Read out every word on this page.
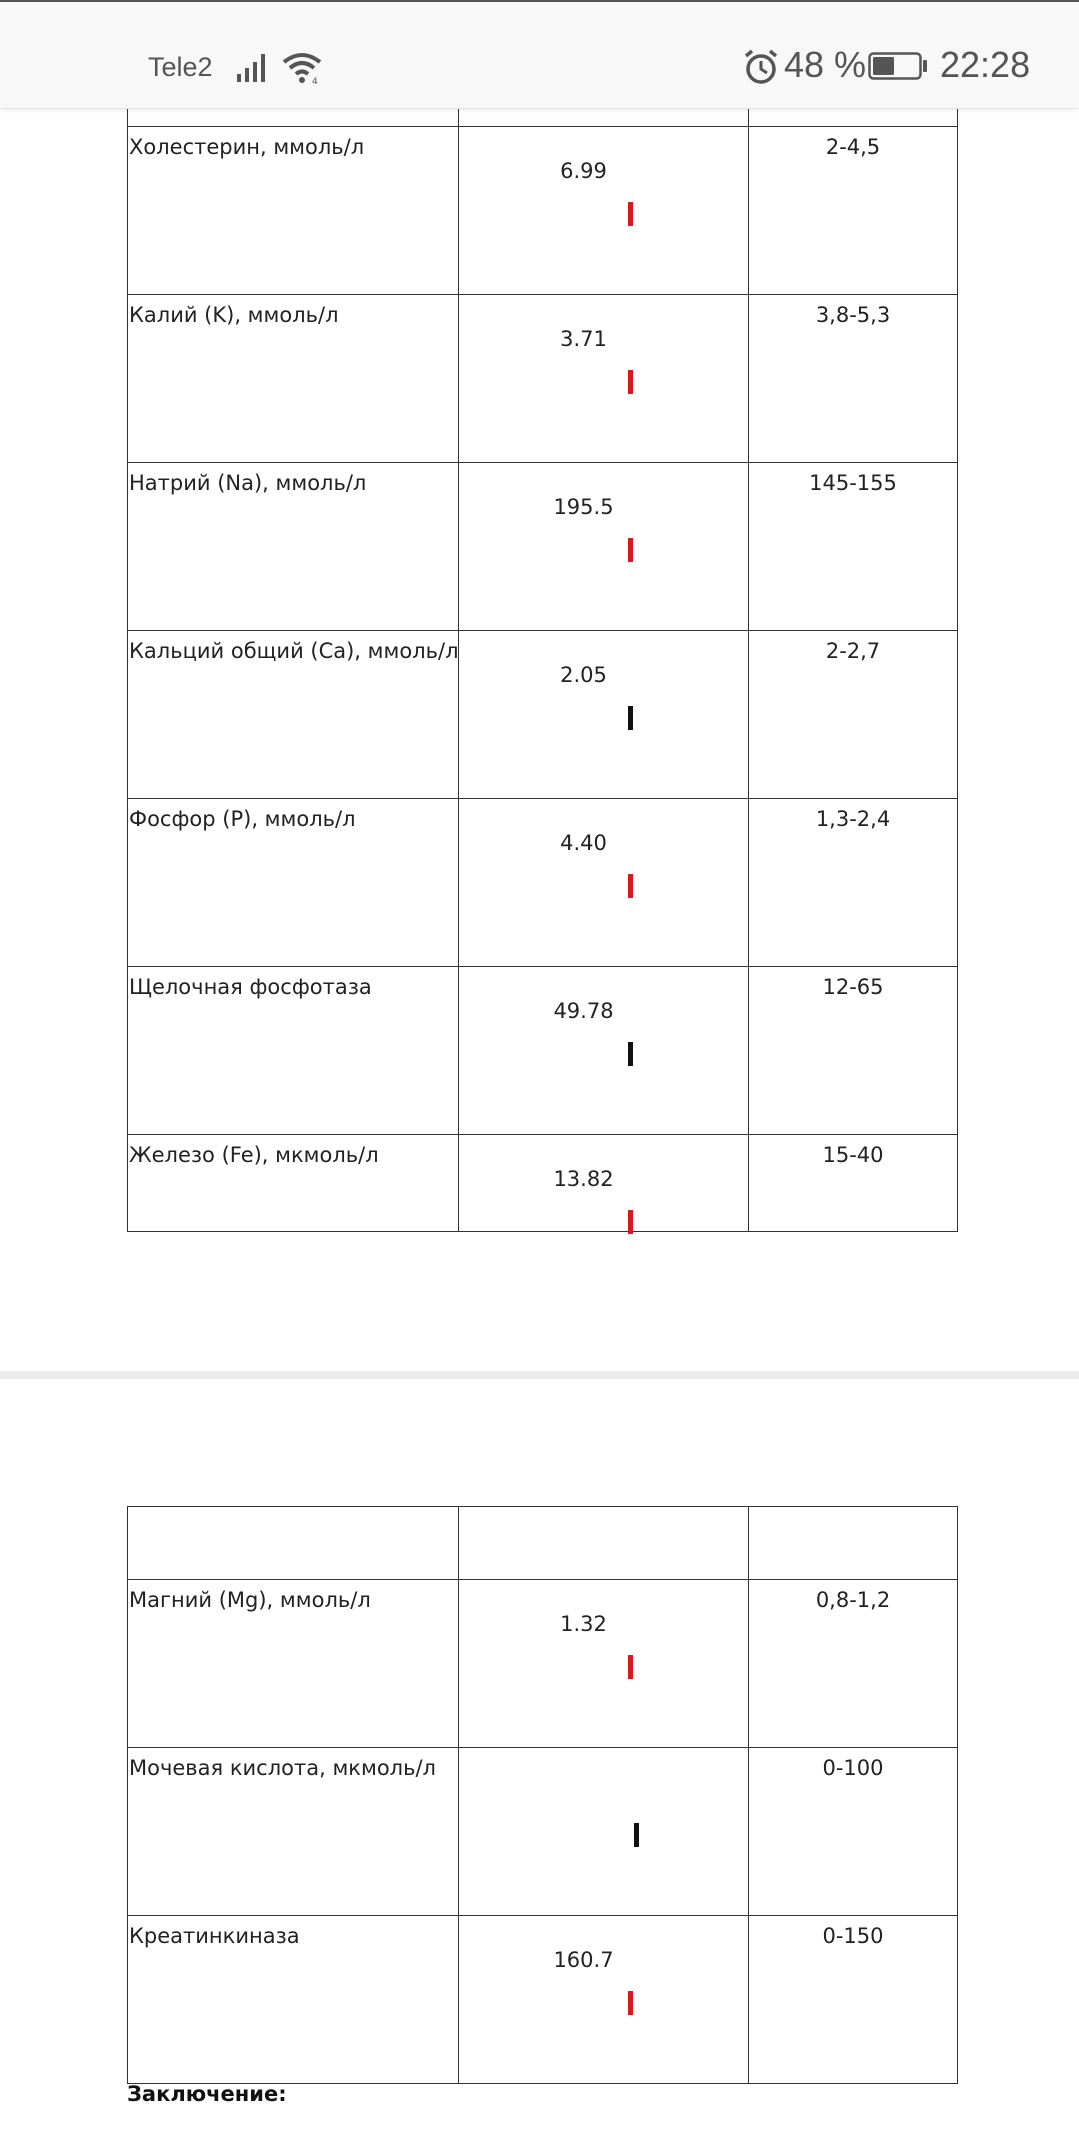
Tele2	4	48 % 22:28

Холестерин, ммоль/л	6.99	2-4,5

Калий (K), ммоль/л	3.71	3,8-5,3

Натрий (Na), ммоль/л	195.5	145-155

Кальций общий (Ca), ммоль/л	2.05	2-2,7

Фосфор (P), ммоль/л	4.40	1,3-2,4

Щелочная фосфотаза	49.78	12-65

Железо (Fe), мкмоль/л	13.82	15-40

Магний (Mg), ммоль/л	1.32	0,8-1,2

Мочевая кислота, мкмоль/л		0-100

Креатинкиназа	160.7	0-150
Заключение:
